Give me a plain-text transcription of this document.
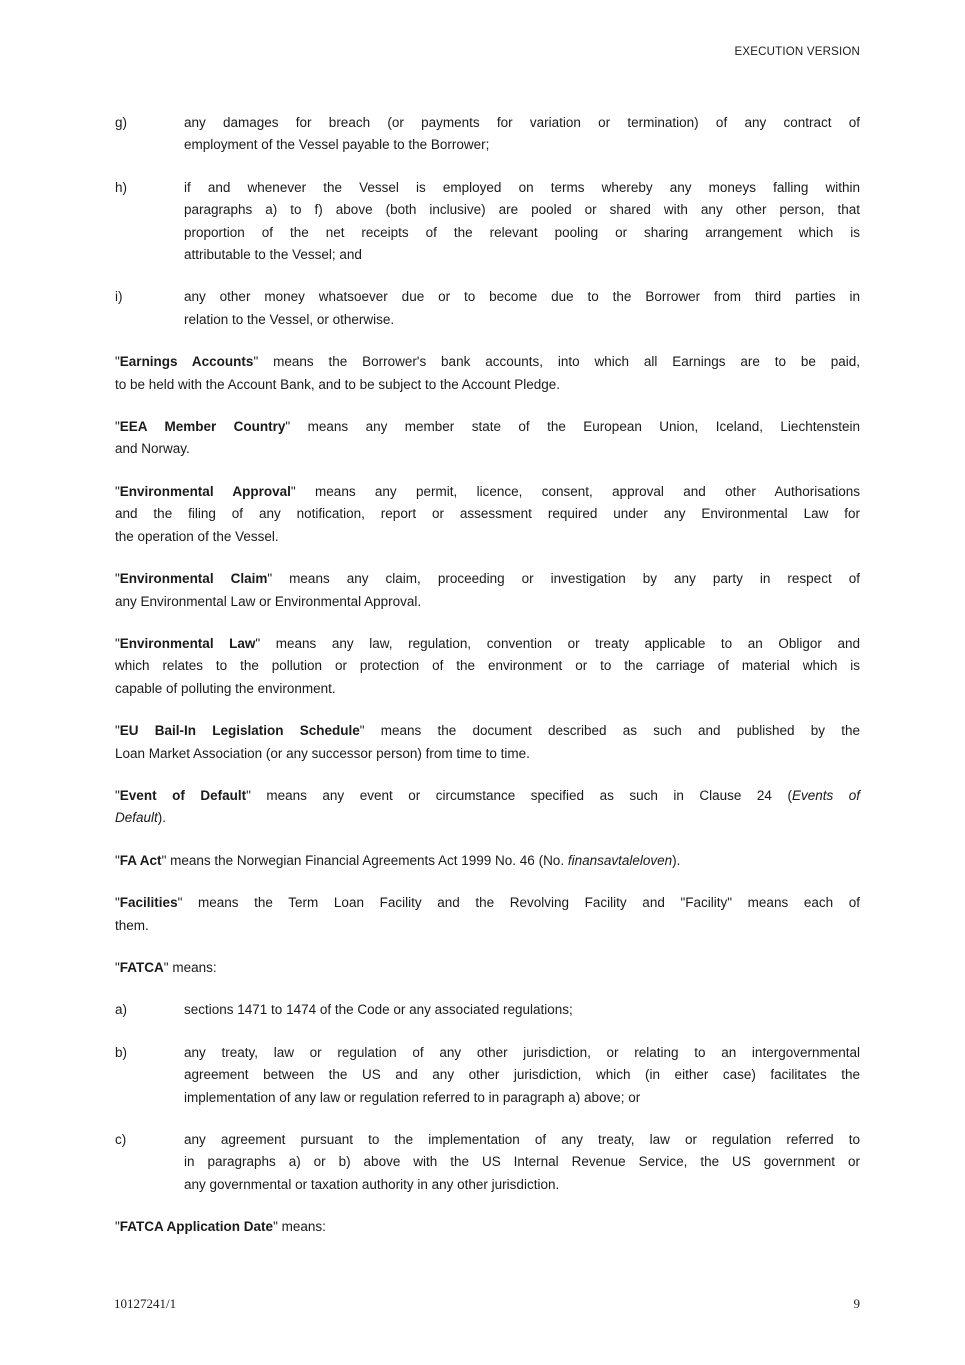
EXECUTION VERSION
g)	any damages for breach (or payments for variation or termination) of any contract of
employment of the Vessel payable to the Borrower;
h)	if and whenever the Vessel is employed on terms whereby any moneys falling within
paragraphs a) to f) above (both inclusive) are pooled or shared with any other person, that
proportion of the net receipts of the relevant pooling or sharing arrangement which is
attributable to the Vessel; and
i)	any other money whatsoever due or to become due to the Borrower from third parties in
relation to the Vessel, or otherwise.
"Earnings Accounts" means the Borrower's bank accounts, into which all Earnings are to be paid,
to be held with the Account Bank, and to be subject to the Account Pledge.
"EEA Member Country" means any member state of the European Union, Iceland, Liechtenstein
and Norway.
"Environmental Approval" means any permit, licence, consent, approval and other Authorisations
and the filing of any notification, report or assessment required under any Environmental Law for
the operation of the Vessel.
"Environmental Claim" means any claim, proceeding or investigation by any party in respect of
any Environmental Law or Environmental Approval.
"Environmental Law" means any law, regulation, convention or treaty applicable to an Obligor and
which relates to the pollution or protection of the environment or to the carriage of material which is
capable of polluting the environment.
"EU Bail-In Legislation Schedule" means the document described as such and published by the
Loan Market Association (or any successor person) from time to time.
"Event of Default" means any event or circumstance specified as such in Clause 24 (Events of
Default).
"FA Act" means the Norwegian Financial Agreements Act 1999 No. 46 (No. finansavtaleloven).
"Facilities" means the Term Loan Facility and the Revolving Facility and "Facility" means each of
them.
"FATCA" means:
a)	sections 1471 to 1474 of the Code or any associated regulations;
b)	any treaty, law or regulation of any other jurisdiction, or relating to an intergovernmental
agreement between the US and any other jurisdiction, which (in either case) facilitates the
implementation of any law or regulation referred to in paragraph a) above; or
c)	any agreement pursuant to the implementation of any treaty, law or regulation referred to
in paragraphs a) or b) above with the US Internal Revenue Service, the US government or
any governmental or taxation authority in any other jurisdiction.
"FATCA Application Date" means:
10127241/1	9
